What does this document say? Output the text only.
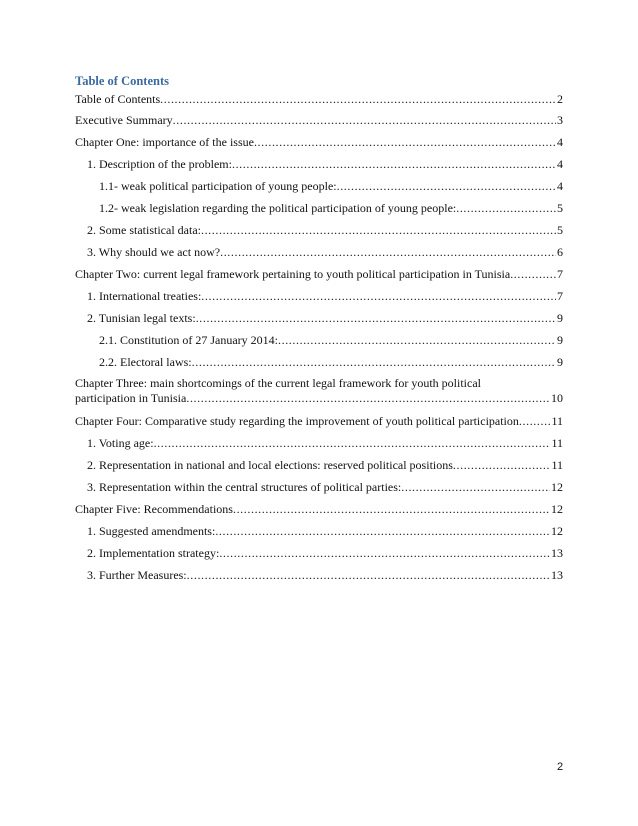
Table of Contents
Table of Contents .....	2
Executive Summary .....	3
Chapter One: importance of the issue .....	4
1. Description of the problem: .....	4
1.1- weak political participation of young people: .....	4
1.2- weak legislation regarding the political participation of young people: .....	5
2. Some statistical data: .....	5
3. Why should we act now? .....	6
Chapter Two: current legal framework pertaining to youth political participation in Tunisia .....	7
1. International treaties: .....	7
2. Tunisian legal texts: .....	9
2.1. Constitution of 27 January 2014: .....	9
2.2. Electoral laws: .....	9
Chapter Three: main shortcomings of the current legal framework for youth political
participation in Tunisia .....	10
Chapter Four: Comparative study regarding the improvement of youth political participation .....	11
1. Voting age: .....	11
2. Representation in national and local elections: reserved political positions .....	11
3. Representation within the central structures of political parties: .....	12
Chapter Five: Recommendations .....	12
1. Suggested amendments: .....	12
2. Implementation strategy: .....	13
3. Further Measures: .....	13
2
